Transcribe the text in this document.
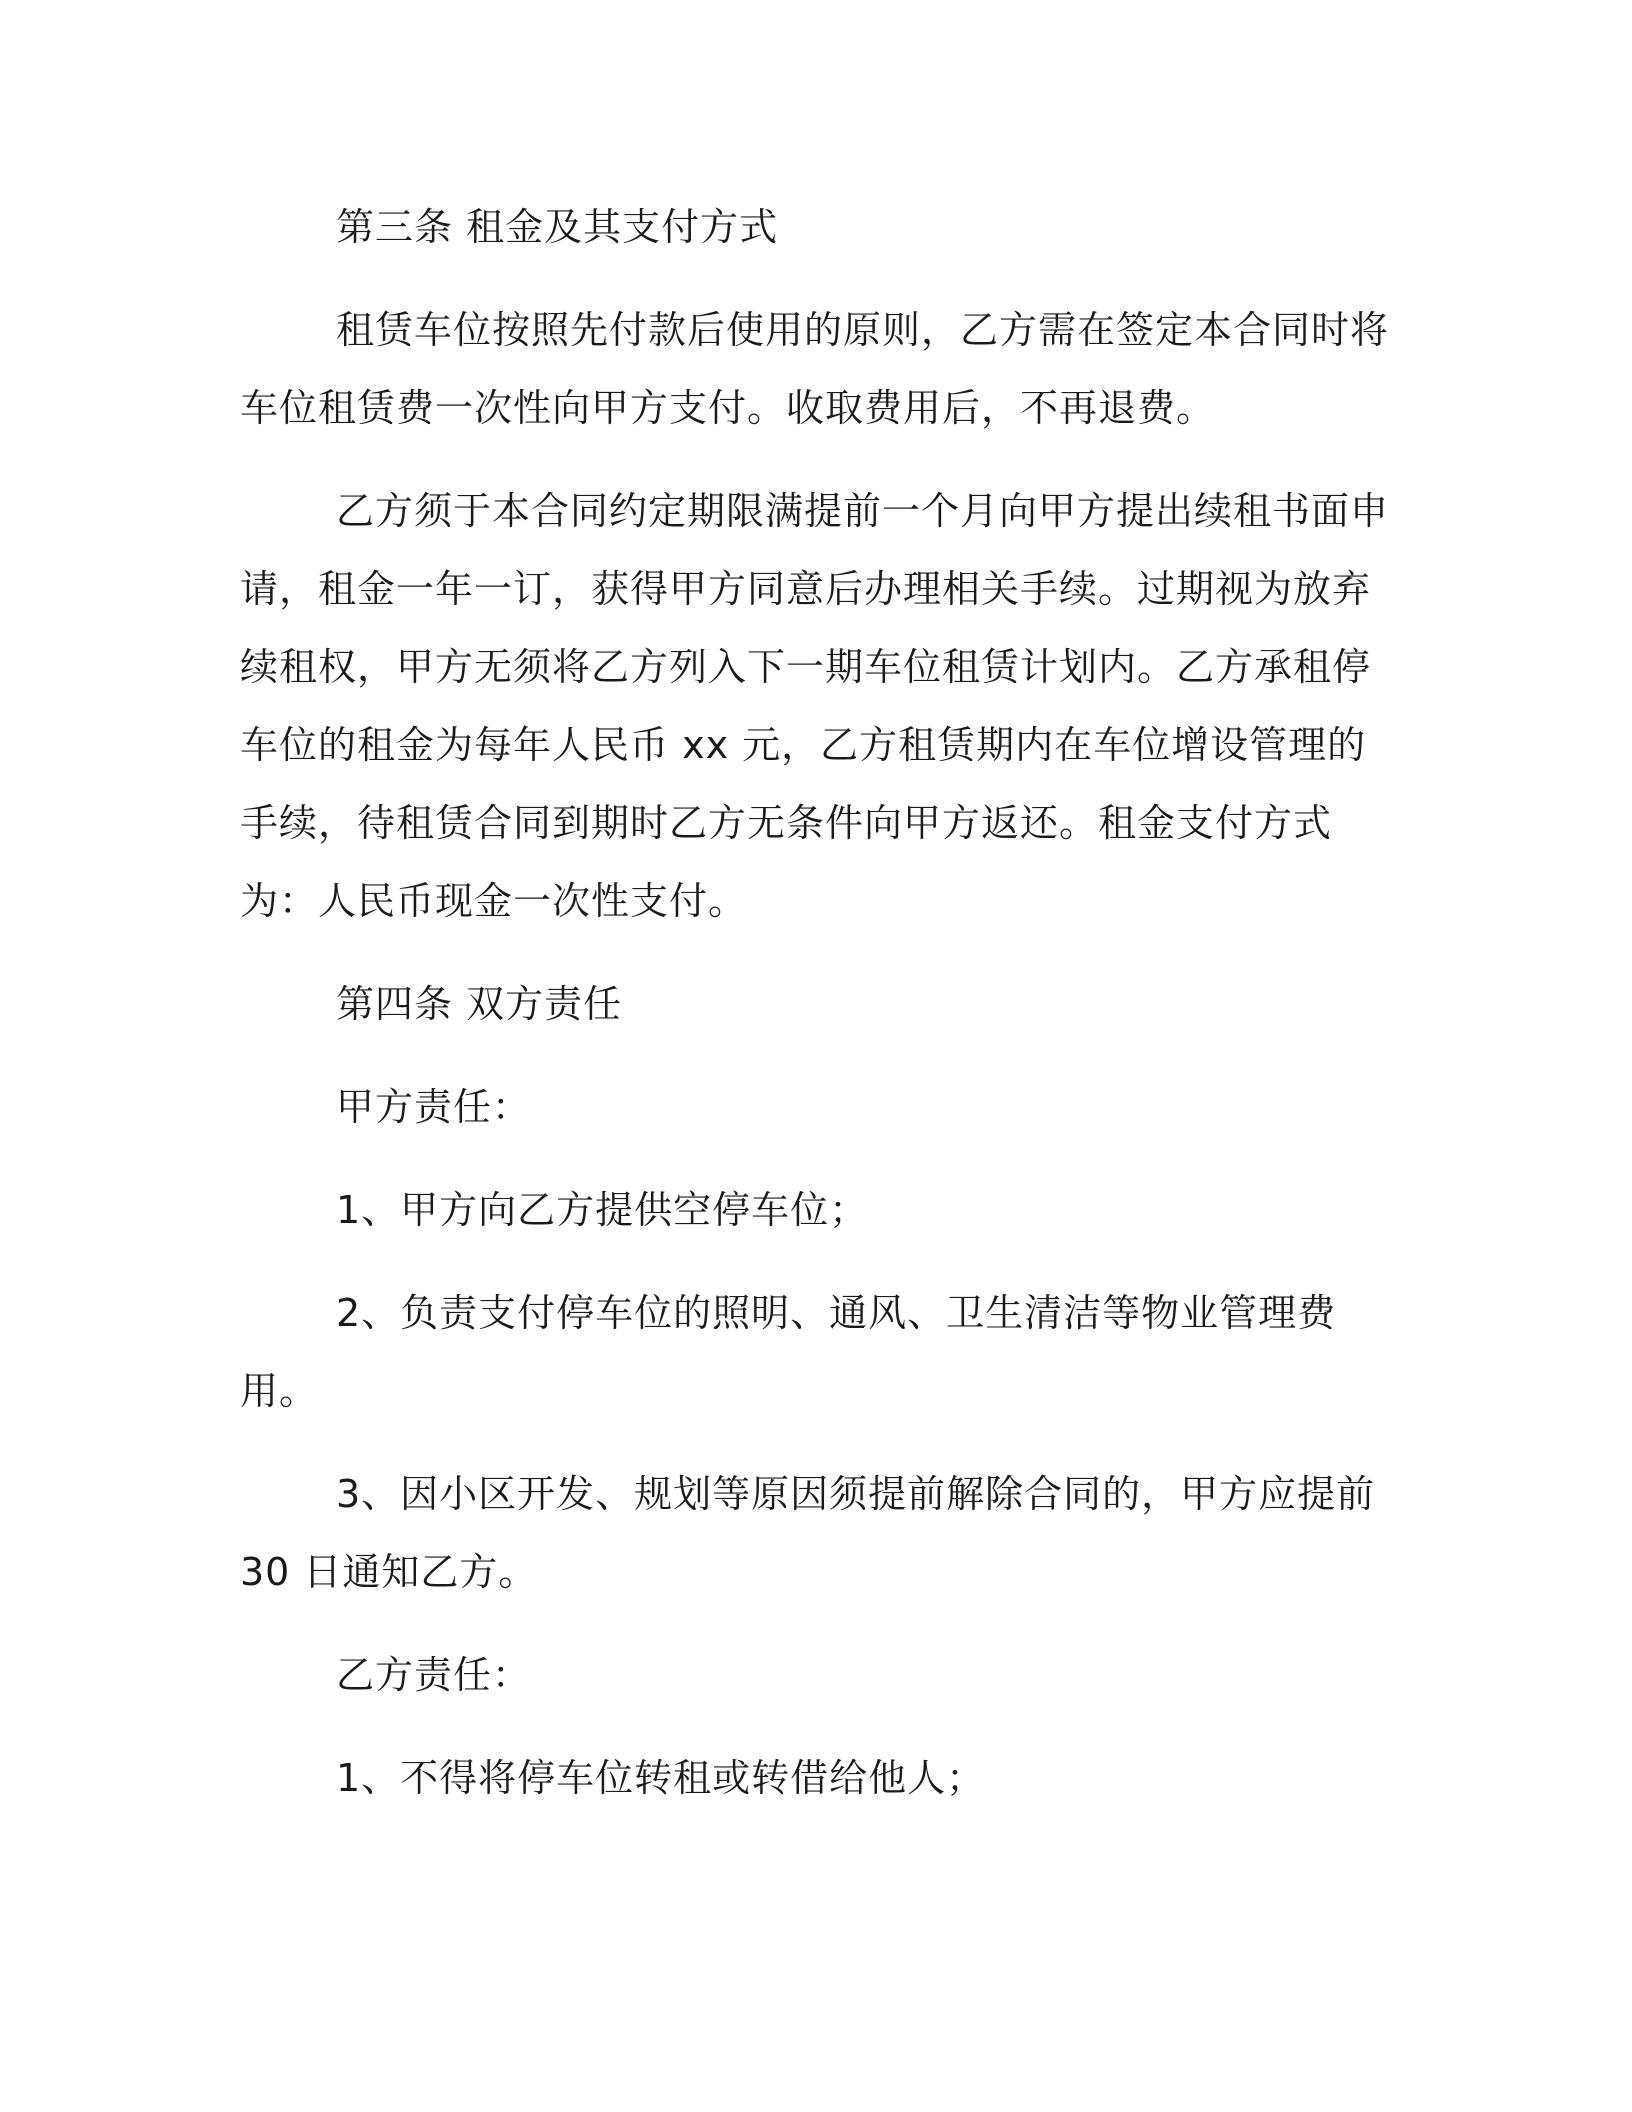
第三条 租金及其支付方式

租赁车位按照先付款后使用的原则，乙方需在签定本合同时将车位租赁费一次性向甲方支付。收取费用后，不再退费。

乙方须于本合同约定期限满提前一个月向甲方提出续租书面申请，租金一年一订，获得甲方同意后办理相关手续。过期视为放弃续租权，甲方无须将乙方列入下一期车位租赁计划内。乙方承租停车位的租金为每年人民币 xx 元，乙方租赁期内在车位增设管理的手续，待租赁合同到期时乙方无条件向甲方返还。租金支付方式为：人民币现金一次性支付。

第四条 双方责任

甲方责任：

1、甲方向乙方提供空停车位；

2、负责支付停车位的照明、通风、卫生清洁等物业管理费用。

3、因小区开发、规划等原因须提前解除合同的，甲方应提前 30 日通知乙方。

乙方责任：

1、不得将停车位转租或转借给他人；
